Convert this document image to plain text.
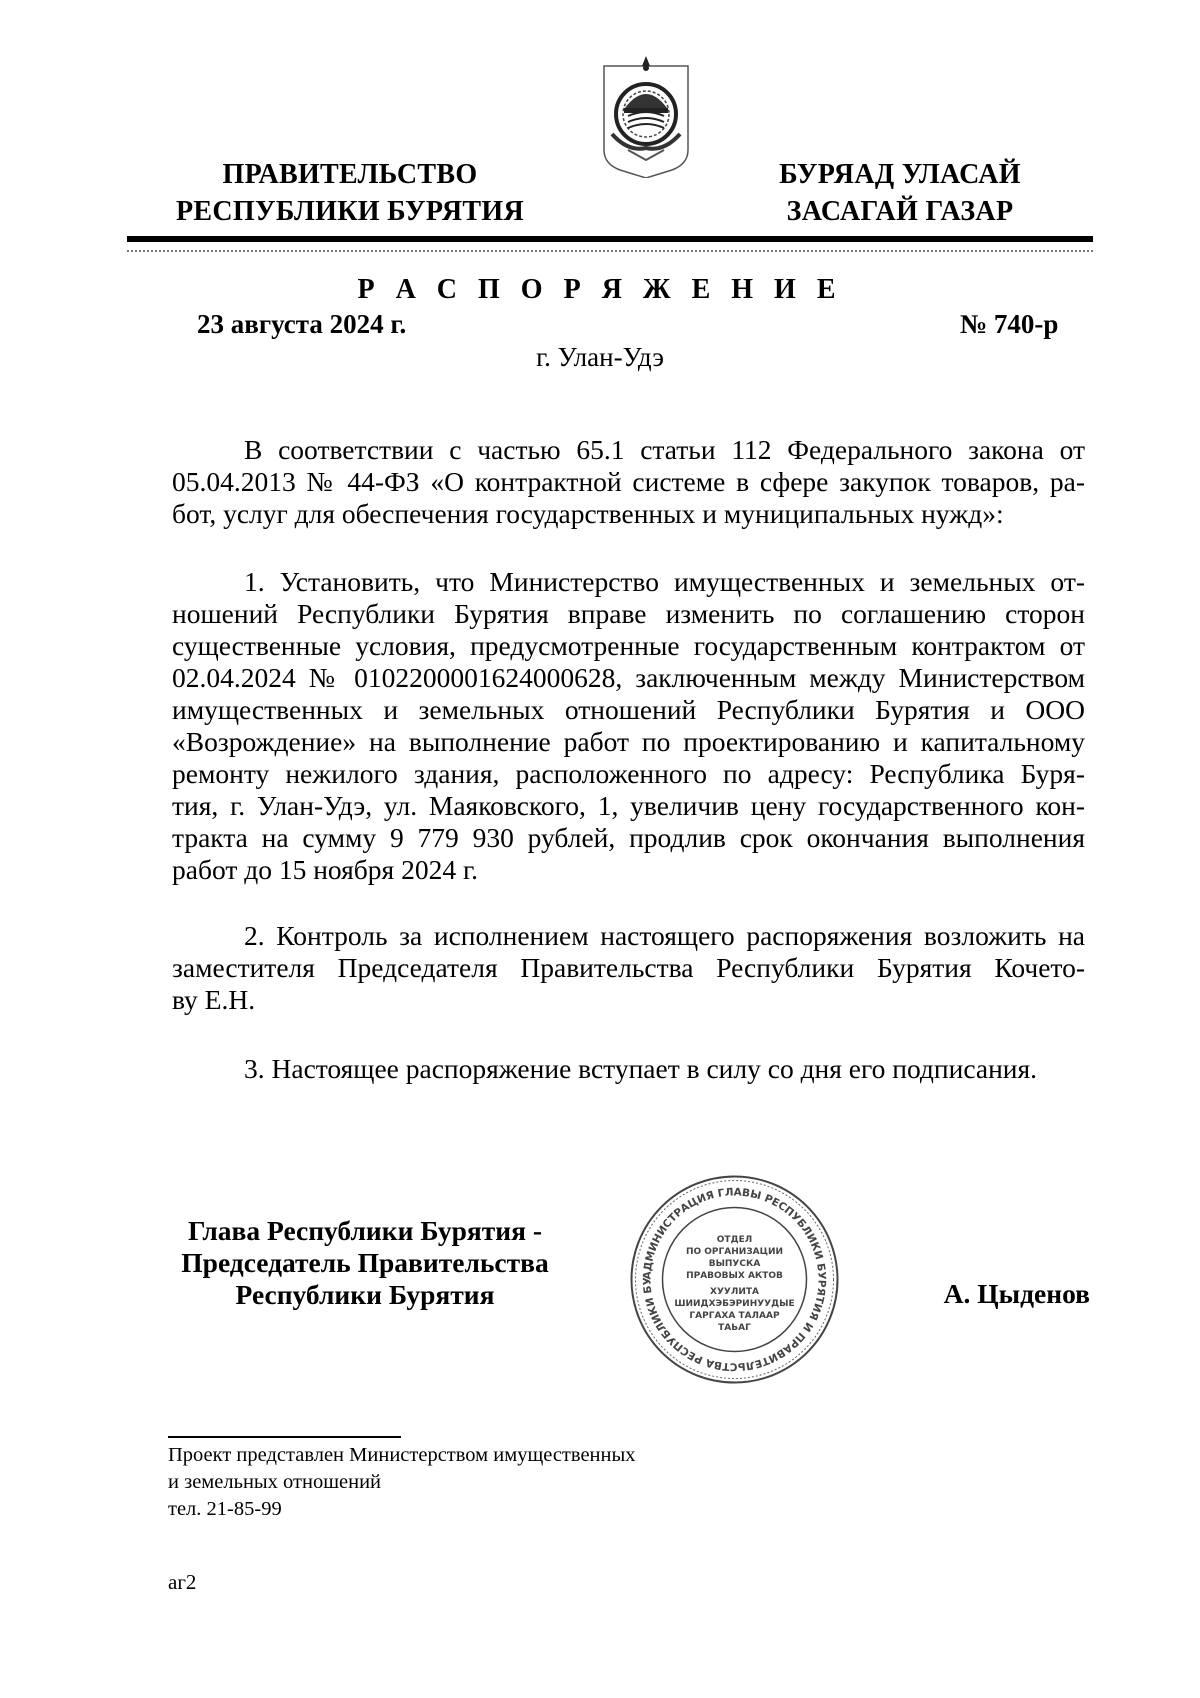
ПРАВИТЕЛЬСТВО
РЕСПУБЛИКИ БУРЯТИЯ
БУРЯАД УЛАСАЙ
ЗАСАГАЙ ГАЗАР
Р А С П О Р Я Ж Е Н И Е
23 августа 2024 г.	№ 740-р
г. Улан-Удэ
В соответствии с частью 65.1 статьи 112 Федерального закона от
05.04.2013 № 44-ФЗ «О контрактной системе в сфере закупок товаров, ра-
бот, услуг для обеспечения государственных и муниципальных нужд»:
1. Установить, что Министерство имущественных и земельных от-
ношений Республики Бурятия вправе изменить по соглашению сторон
существенные условия, предусмотренные государственным контрактом от
02.04.2024 № 0102200001624000628, заключенным между Министерством
имущественных и земельных отношений Республики Бурятия и ООО
«Возрождение» на выполнение работ по проектированию и капитальному
ремонту нежилого здания, расположенного по адресу: Республика Буря-
тия, г. Улан-Удэ, ул. Маяковского, 1, увеличив цену государственного кон-
тракта на сумму 9 779 930 рублей, продлив срок окончания выполнения
работ до 15 ноября 2024 г.
2. Контроль за исполнением настоящего распоряжения возложить на
заместителя Председателя Правительства Республики Бурятия Кочето-
ву Е.Н.
3. Настоящее распоряжение вступает в силу со дня его подписания.
Глава Республики Бурятия -
Председатель Правительства
Республики Бурятия	А. Цыденов
АДМИНИСТРАЦИЯ ГЛАВЫ РЕСПУБЛИКИ БУРЯТИЯ И ПРАВИТЕЛЬСТВА РЕСПУБЛИКИ БУ
ОТДЕЛ
ПО ОРГАНИЗАЦИИ
ВЫПУСКА
ПРАВОВЫХ АКТОВ
ХУУЛИТА
ШИИДХЭБЭРИНУУДЫЕ
ГАРГАХА ТАЛААР
ТАЬАГ
Проект представлен Министерством имущественных
и земельных отношений
тел. 21-85-99
аг2
